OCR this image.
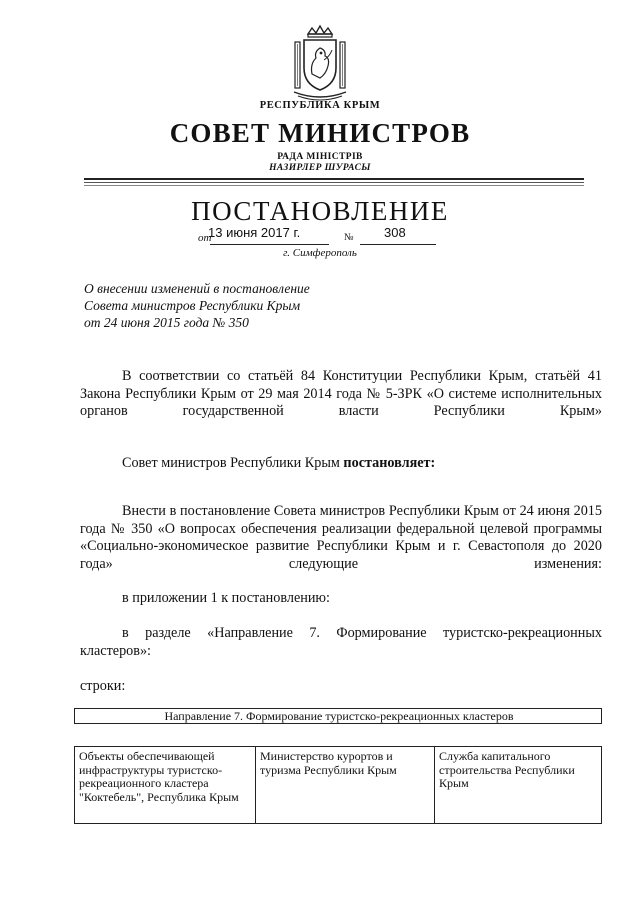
РЕСПУБЛИКА КРЫМ
СОВЕТ МИНИСТРОВ
РАДА МІНІСТРІВ
НАЗИРЛЕР ШУРАСЫ
ПОСТАНОВЛЕНИЕ
от
13 июня 2017 г.	№ 308
г. Симферополь
О внесении изменений в постановление
Совета министров Республики Крым
от 24 июня 2015 года № 350
В соответствии со статьёй 84 Конституции Республики Крым, статьёй 41 Закона Республики Крым от 29 мая 2014 года № 5-ЗРК «О системе исполнительных органов государственной власти Республики Крым»
Совет министров Республики Крым постановляет:
Внести в постановление Совета министров Республики Крым от 24 июня 2015 года № 350 «О вопросах обеспечения реализации федеральной целевой программы «Социально-экономическое развитие Республики Крым и г. Севастополя до 2020 года» следующие изменения:
в приложении 1 к постановлению:
в разделе «Направление 7. Формирование туристско-рекреационных кластеров»:
строки:
Направление 7. Формирование туристско-рекреационных кластеров
Объекты обеспечивающей инфраструктуры туристско-рекреационного кластера "Коктебель", Республика Крым	Министерство курортов и туризма Республики Крым	Служба капитального строительства Республики Крым
